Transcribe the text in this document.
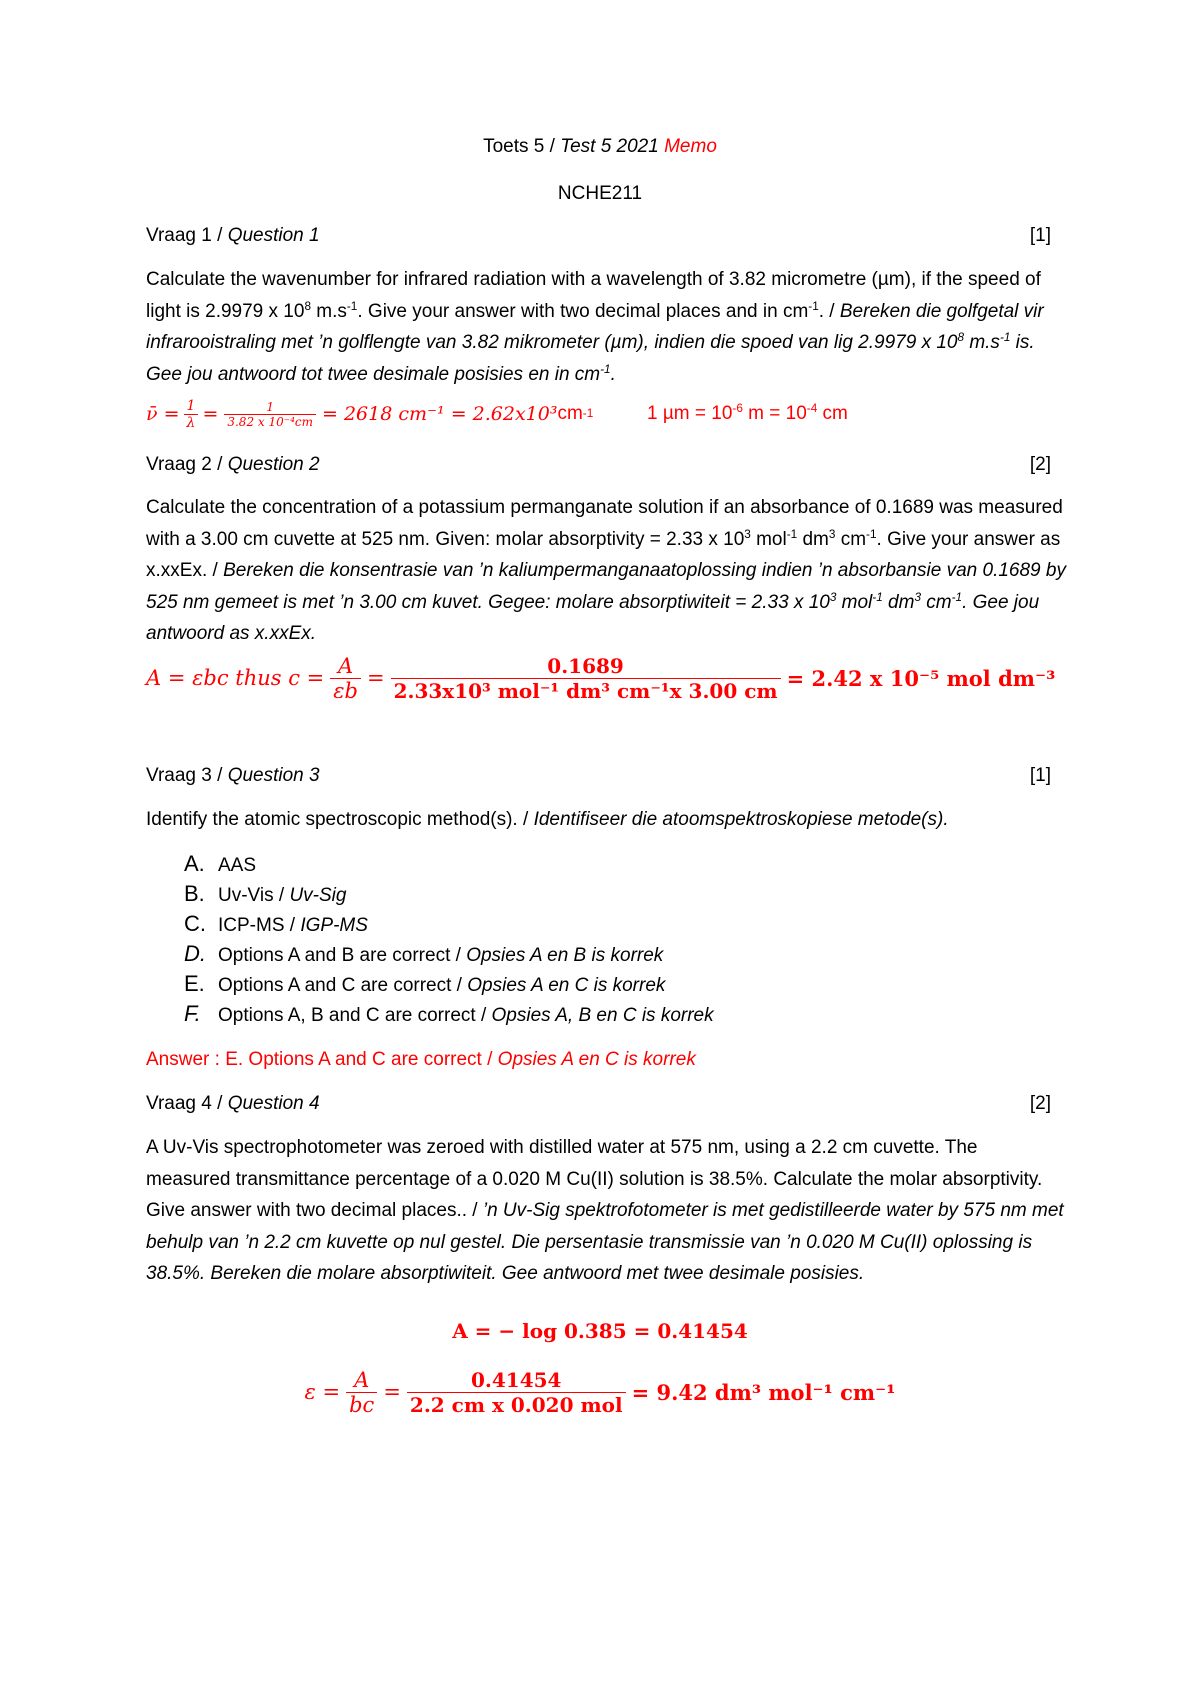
Toets 5 / Test 5 2021 Memo
NCHE211
Vraag 1 / Question 1	[1]
Calculate the wavenumber for infrared radiation with a wavelength of 3.82 micrometre (µm), if the speed of light is 2.9979 x $10^8$ $m.s^{-1}$. Give your answer with two decimal places and in $cm^{-1}$. / Bereken die golfgetal vir infrarooistraling met ’n golflengte van 3.82 mikrometer (µm), indien die spoed van lig 2.9979 x $10^8$ $m.s^{-1}$ is. Gee jou antwoord tot twee desimale posisies en in $cm^{-1}$.
ν̄ = $\frac{1}{\lambda} = \frac{1}{\text{3.82 x 10⁻⁴cm}} = 2618$ cm⁻¹ = 2.62x10³ cm -1	1 $\mu m = 10^{-6}$ $m = 10^{-4}$ cm
Vraag 2 / Question 2	[2]
Calculate the concentration of a potassium permanganate solution if an absorbance of 0.1689 was measured with a 3.00 cm cuvette at 525 nm. Given: molar absorptivity = 2.33 x $10^3$ mol$^{-1}$ $dm^3$ $cm^{-1}$. Give your answer as x.xxEx. / Bereken die konsentrasie van ’n kaliumpermanganaatoplossing indien ’n absorbansie van 0.1689 by 525 nm gemeet is met ’n 3.00 cm kuvet. Gegee: molare absorptiwiteit = 2.33 x $10^3$ mol$^{-1}$ $dm^3$ $cm^{-1}$. Gee jou antwoord as x.xxEx.
A = εbc thus $c = \frac{A}{\varepsilon b} = \frac{0.1689}{\text{2.33x10³ mol⁻¹ dm³ cm⁻¹x 3.00 cm}} = 2.42$ x 10⁻⁵ mol dm⁻³
Vraag 3 / Question 3	[1]
Identify the atomic spectroscopic method(s). / Identifiseer die atoomspektroskopiese metode(s).
A. AAS
B. Uv-Vis / Uv-Sig
C. ICP-MS / IGP-MS
D. Options A and B are correct / Opsies A en B is korrek
E. Options A and C are correct / Opsies A en C is korrek
F. Options A, B and C are correct / Opsies A, B en C is korrek
Answer : E. Options A and C are correct / Opsies A en C is korrek
Vraag 4 / Question 4	[2]
A Uv-Vis spectrophotometer was zeroed with distilled water at 575 nm, using a 2.2 cm cuvette. The measured transmittance percentage of a 0.020 M Cu(II) solution is 38.5%. Calculate the molar absorptivity. Give answer with two decimal places.. / ’n Uv-Sig spektrofotometer is met gedistilleerde water by 575 nm met behulp van ’n 2.2 cm kuvette op nul gestel. Die persentasie transmissie van ’n 0.020 M Cu(II) oplossing is 38.5%. Bereken die molare absorptiwiteit. Gee antwoord met twee desimale posisies.
A = − log 0.385 = 0.41454
$\varepsilon = \frac{A}{bc} = \frac{0.41454}{\text{2.2 cm x 0.020 mol}} = 9.42$ dm³ mol⁻¹ cm⁻¹
